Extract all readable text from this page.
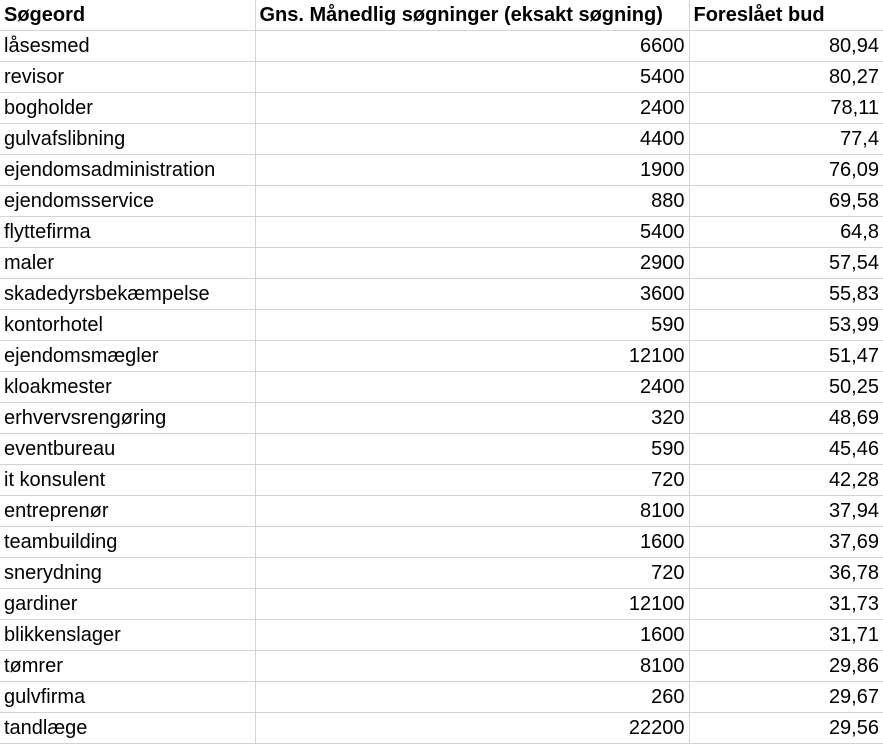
Søgeord	Gns. Månedlig søgninger (eksakt søgning)	Foreslået bud
låsesmed	6600	80,94
revisor	5400	80,27
bogholder	2400	78,11
gulvafslibning	4400	77,4
ejendomsadministration	1900	76,09
ejendomsservice	880	69,58
flyttefirma	5400	64,8
maler	2900	57,54
skadedyrsbekæmpelse	3600	55,83
kontorhotel	590	53,99
ejendomsmægler	12100	51,47
kloakmester	2400	50,25
erhvervsrengøring	320	48,69
eventbureau	590	45,46
it konsulent	720	42,28
entreprenør	8100	37,94
teambuilding	1600	37,69
snerydning	720	36,78
gardiner	12100	31,73
blikkenslager	1600	31,71
tømrer	8100	29,86
gulvfirma	260	29,67
tandlæge	22200	29,56
